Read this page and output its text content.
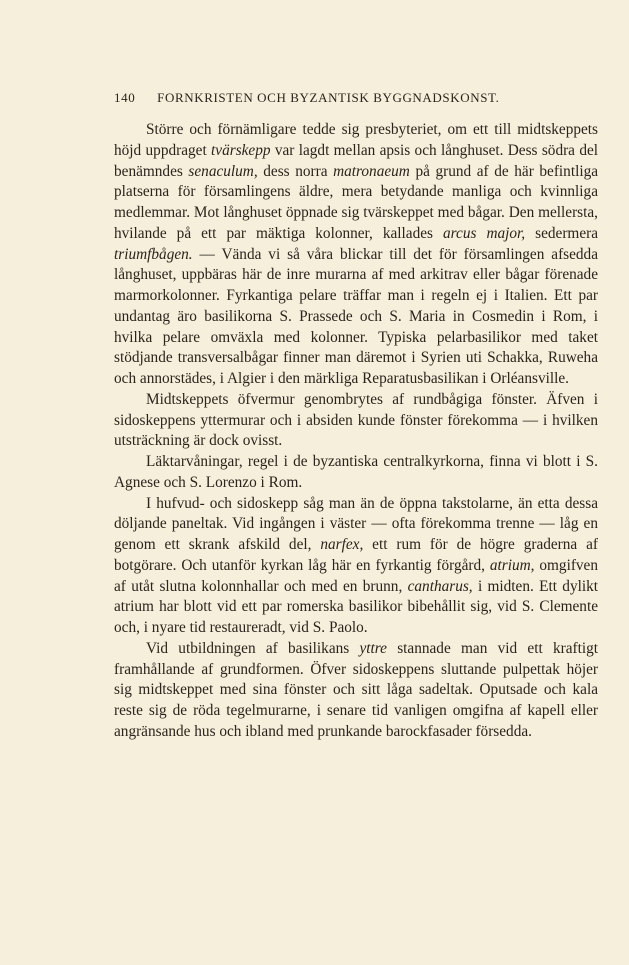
140 FORNKRISTEN OCH BYZANTISK BYGGNADSKONST.

Större och förnämligare tedde sig presbyteriet, om ett till midtskeppets höjd uppdraget tvärskepp var lagdt mellan apsis och långhuset. Dess södra del benämndes senaculum, dess norra matronaeum på grund af de här befintliga platserna för församlingens äldre, mera betydande manliga och kvinnliga medlemmar. Mot långhuset öppnade sig tvärskeppet med bågar. Den mellersta, hvilande på ett par mäktiga kolonner, kallades arcus major, sedermera triumfbågen. — Vända vi så våra blickar till det för församlingen afsedda långhuset, uppbäras här de inre murarna af med arkitrav eller bågar förenade marmorkolonner. Fyrkantiga pelare träffar man i regeln ej i Italien. Ett par undantag äro basilikorna S. Prassede och S. Maria in Cosmedin i Rom, i hvilka pelare omväxla med kolonner. Typiska pelarbasilikor med taket stödjande transversalbågar finner man däremot i Syrien uti Schakka, Ruweha och annorstädes, i Algier i den märkliga Reparatusbasilikan i Orléansville.

Midtskeppets öfvermur genombrytes af rundbågiga fönster. Äfven i sidoskeppens yttermurar och i absiden kunde fönster förekomma — i hvilken utsträckning är dock ovisst.

Läktarvåningar, regel i de byzantiska centralkyrkorna, finna vi blott i S. Agnese och S. Lorenzo i Rom.

I hufvud- och sidoskepp såg man än de öppna takstolarne, än etta dessa döljande paneltak. Vid ingången i väster — ofta förekomma trenne — låg en genom ett skrank afskild del, narfex, ett rum för de högre graderna af botgörare. Och utanför kyrkan låg här en fyrkantig förgård, atrium, omgifven af utåt slutna kolonnhallar och med en brunn, cantharus, i midten. Ett dylikt atrium har blott vid ett par romerska basilikor bibehållit sig, vid S. Clemente och, i nyare tid restaureradt, vid S. Paolo.

Vid utbildningen af basilikans yttre stannade man vid ett kraftigt framhållande af grundformen. Öfver sidoskeppens sluttande pulpettak höjer sig midtskeppet med sina fönster och sitt låga sadeltak. Oputsade och kala reste sig de röda tegelmurarne, i senare tid vanligen omgifna af kapell eller angränsande hus och ibland med prunkande barockfasader försedda.
